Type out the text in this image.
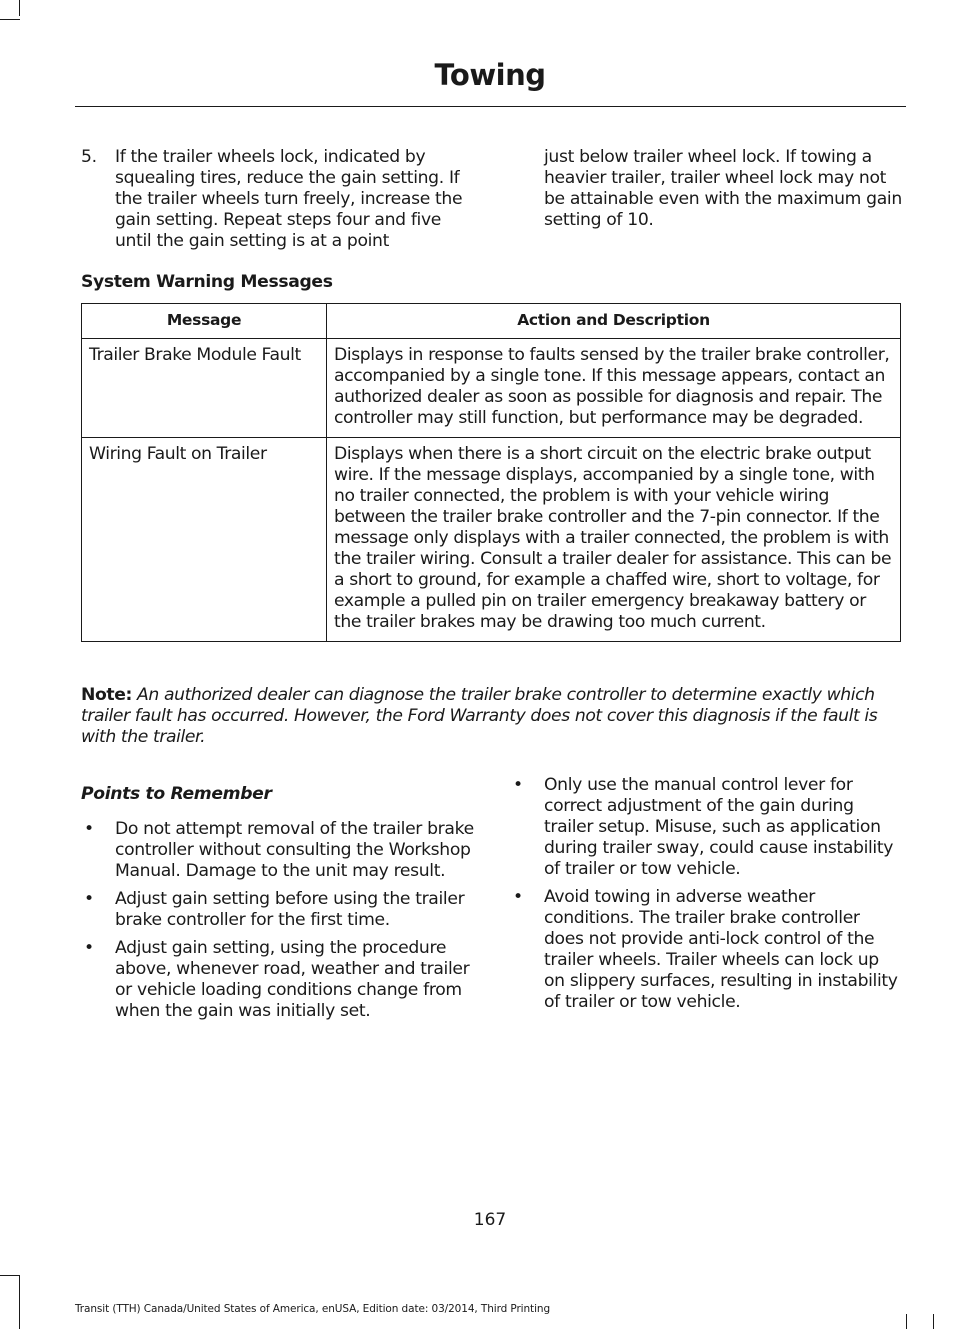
Towing
5. If the trailer wheels lock, indicated by squealing tires, reduce the gain setting. If the trailer wheels turn freely, increase the gain setting. Repeat steps four and five until the gain setting is at a point
just below trailer wheel lock. If towing a heavier trailer, trailer wheel lock may not be attainable even with the maximum gain setting of 10.
System Warning Messages
Message	Action and Description
Trailer Brake Module Fault	Displays in response to faults sensed by the trailer brake controller, accompanied by a single tone. If this message appears, contact an authorized dealer as soon as possible for diagnosis and repair. The controller may still function, but performance may be degraded.
Wiring Fault on Trailer	Displays when there is a short circuit on the electric brake output wire. If the message displays, accompanied by a single tone, with no trailer connected, the problem is with your vehicle wiring between the trailer brake controller and the 7-pin connector. If the message only displays with a trailer connected, the problem is with the trailer wiring. Consult a trailer dealer for assistance. This can be a short to ground, for example a chaffed wire, short to voltage, for example a pulled pin on trailer emergency breakaway battery or the trailer brakes may be drawing too much current.

Note: An authorized dealer can diagnose the trailer brake controller to determine exactly which trailer fault has occurred. However, the Ford Warranty does not cover this diagnosis if the fault is with the trailer.

Points to Remember
• Do not attempt removal of the trailer brake controller without consulting the Workshop Manual. Damage to the unit may result.
• Adjust gain setting before using the trailer brake controller for the first time.
• Adjust gain setting, using the procedure above, whenever road, weather and trailer or vehicle loading conditions change from when the gain was initially set.
• Only use the manual control lever for correct adjustment of the gain during trailer setup. Misuse, such as application during trailer sway, could cause instability of trailer or tow vehicle.
• Avoid towing in adverse weather conditions. The trailer brake controller does not provide anti-lock control of the trailer wheels. Trailer wheels can lock up on slippery surfaces, resulting in instability of trailer or tow vehicle.

167

Transit (TTH) Canada/United States of America, enUSA, Edition date: 03/2014, Third Printing
